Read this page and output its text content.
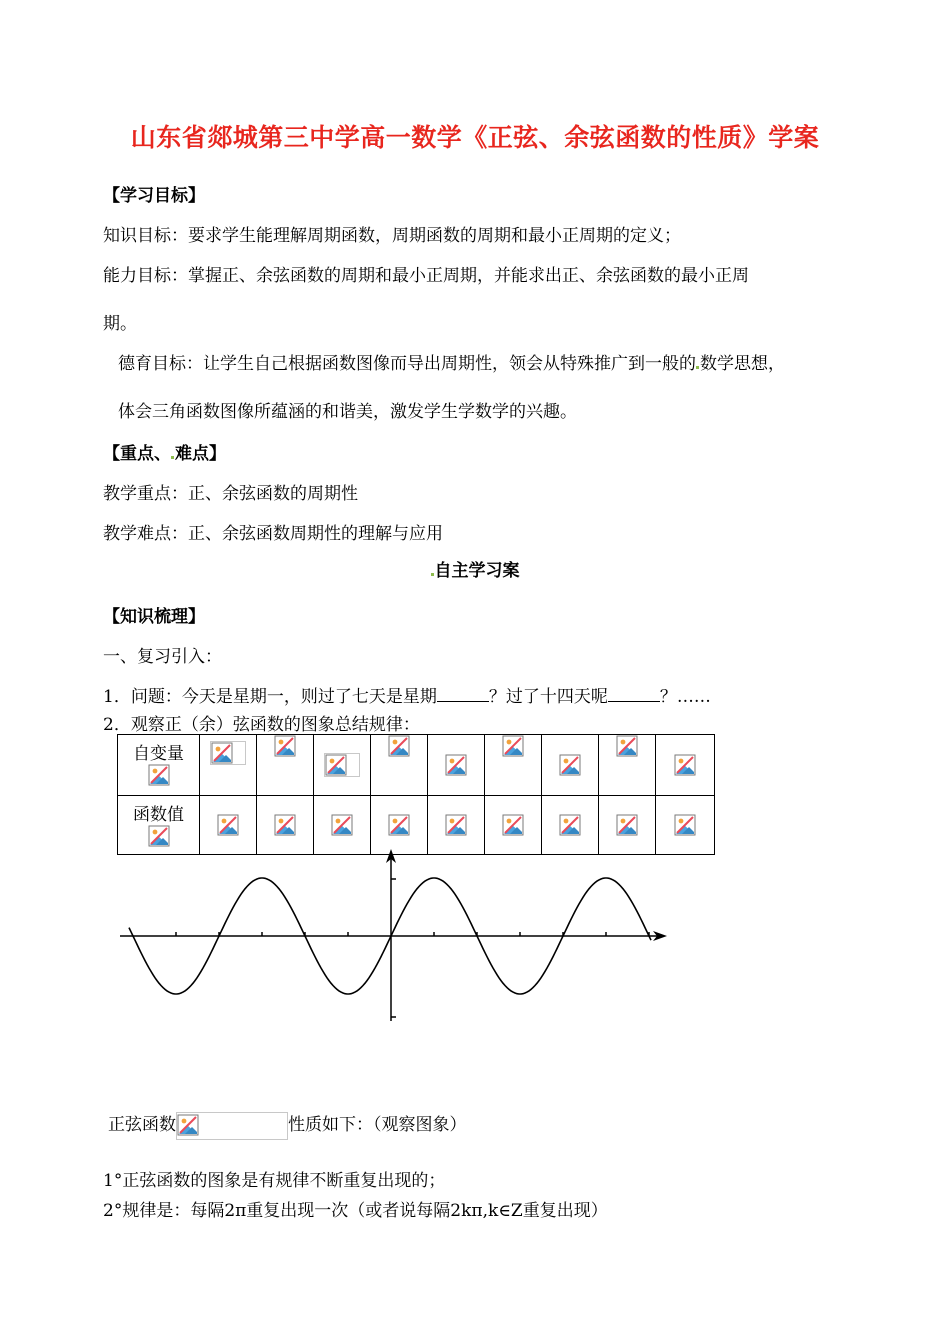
山东省郯城第三中学高一数学《正弦、余弦函数的性质》学案
【学习目标】
知识目标：要求学生能理解周期函数，周期函数的周期和最小正周期的定义；
能力目标：掌握正、余弦函数的周期和最小正周期，并能求出正、余弦函数的最小正周
期。
德育目标：让学生自己根据函数图像而导出周期性，领会从特殊推广到一般的 数学思想，
体会三角函数图像所蕴涵的和谐美，激发学生学数学的兴趣。
【重点、 难点】
教学重点：正、余弦函数的周期性
教学难点：正、余弦函数周期性的理解与应用
自主学习案
【知识梳理】
一、复习引入：
1．问题：今天是星期一，则过了七天是星期	？过了十四天呢	？……
2．观察正（余）弦函数的图象总结规律：
自变量

函数值

正弦函数	性质如下：（观察图象）
1°正弦函数的图象是有规律不断重复出现的；
2°规律是：每隔2π重复出现一次（或者说每隔2kπ,k∈Z重复出现）
